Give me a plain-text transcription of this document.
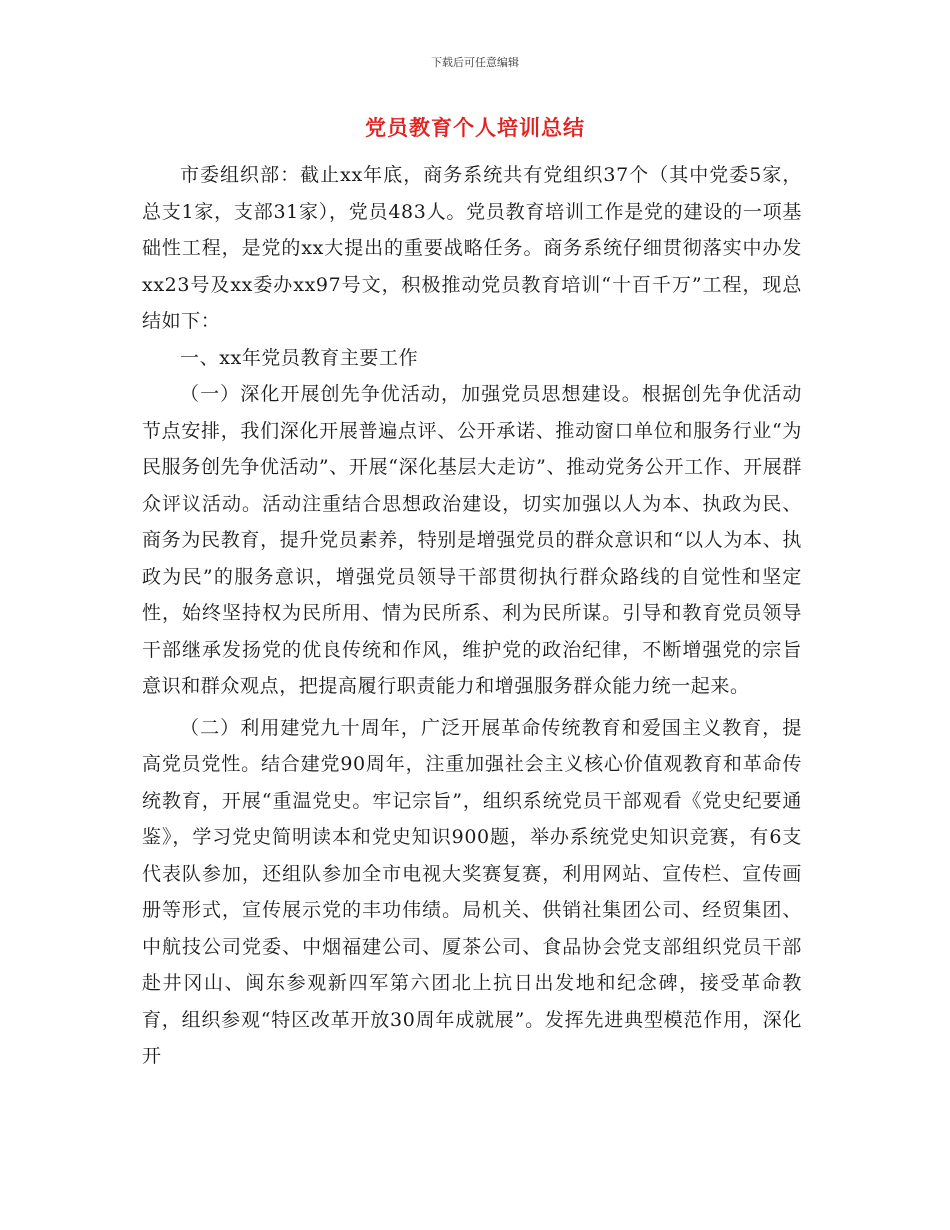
下载后可任意编辑
党员教育个人培训总结

市委组织部：截止xx年底，商务系统共有党组织37个（其中党委5家，总支1家，支部31家），党员483人。党员教育培训工作是党的建设的一项基础性工程，是党的xx大提出的重要战略任务。商务系统仔细贯彻落实中办发xx23号及xx委办xx97号文，积极推动党员教育培训“十百千万”工程，现总结如下：

一、xx年党员教育主要工作

（一）深化开展创先争优活动，加强党员思想建设。根据创先争优活动节点安排，我们深化开展普遍点评、公开承诺、推动窗口单位和服务行业“为民服务创先争优活动”、开展“深化基层大走访”、推动党务公开工作、开展群众评议活动。活动注重结合思想政治建设，切实加强以人为本、执政为民、商务为民教育，提升党员素养，特别是增强党员的群众意识和“以人为本、执政为民”的服务意识，增强党员领导干部贯彻执行群众路线的自觉性和坚定性，始终坚持权为民所用、情为民所系、利为民所谋。引导和教育党员领导干部继承发扬党的优良传统和作风，维护党的政治纪律，不断增强党的宗旨意识和群众观点，把提高履行职责能力和增强服务群众能力统一起来。

（二）利用建党九十周年，广泛开展革命传统教育和爱国主义教育，提高党员党性。结合建党90周年，注重加强社会主义核心价值观教育和革命传统教育，开展“重温党史。牢记宗旨”，组织系统党员干部观看《党史纪要通鉴》，学习党史简明读本和党史知识900题，举办系统党史知识竞赛，有6支代表队参加，还组队参加全市电视大奖赛复赛，利用网站、宣传栏、宣传画册等形式，宣传展示党的丰功伟绩。局机关、供销社集团公司、经贸集团、中航技公司党委、中烟福建公司、厦茶公司、食品协会党支部组织党员干部赴井冈山、闽东参观新四军第六团北上抗日出发地和纪念碑，接受革命教育，组织参观“特区改革开放30周年成就展”。发挥先进典型模范作用，深化开
